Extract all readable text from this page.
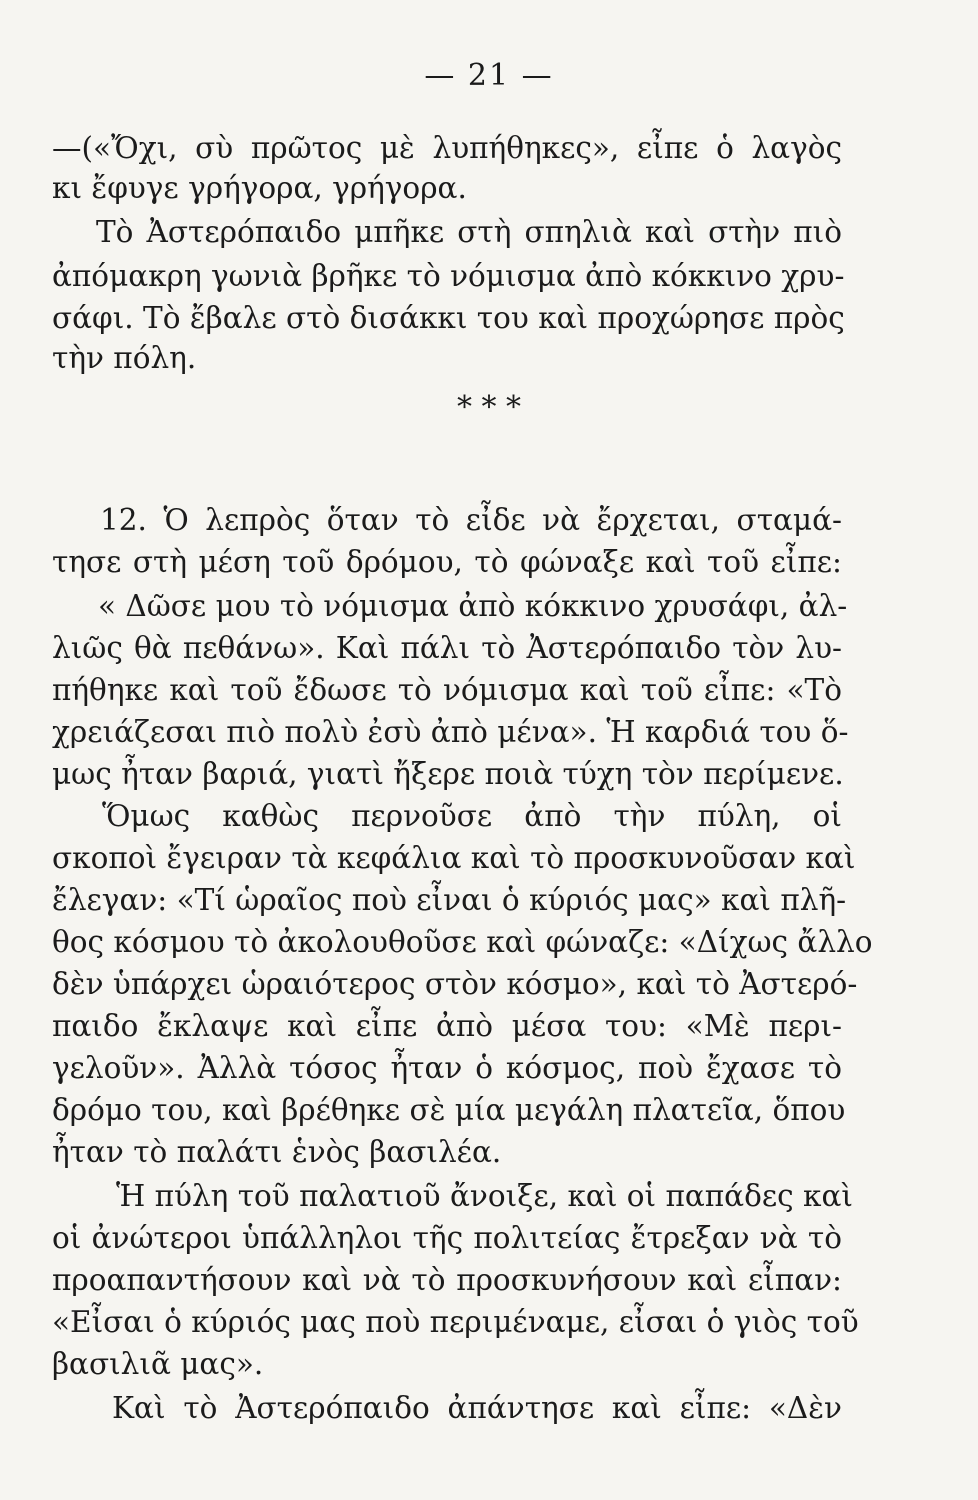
— 21 —
—(«Ὄχι, σὺ πρῶτος μὲ λυπήθηκες», εἶπε ὁ λαγὸς
κι ἔφυγε γρήγορα, γρήγορα.
Τὸ Ἀστερόπαιδο μπῆκε στὴ σπηλιὰ καὶ στὴν πιὸ
ἀπόμακρη γωνιὰ βρῆκε τὸ νόμισμα ἀπὸ κόκκινο χρυ-
σάφι. Τὸ ἔβαλε στὸ δισάκκι του καὶ προχώρησε πρὸς
τὴν πόλη.
* * *
12. Ὁ λεπρὸς ὅταν τὸ εἶδε νὰ ἔρχεται, σταμά-
τησε στὴ μέση τοῦ δρόμου, τὸ φώναξε καὶ τοῦ εἶπε:
« Δῶσε μου τὸ νόμισμα ἀπὸ κόκκινο χρυσάφι, ἀλ-
λιῶς θὰ πεθάνω». Καὶ πάλι τὸ Ἀστερόπαιδο τὸν λυ-
πήθηκε καὶ τοῦ ἔδωσε τὸ νόμισμα καὶ τοῦ εἶπε: «Τὸ
χρειάζεσαι πιὸ πολὺ ἐσὺ ἀπὸ μένα». Ἡ καρδιά του ὅ-
μως ἦταν βαριά, γιατὶ ἤξερε ποιὰ τύχη τὸν περίμενε.
Ὅμως καθὼς περνοῦσε ἀπὸ τὴν πύλη, οἱ
σκοποὶ ἔγειραν τὰ κεφάλια καὶ τὸ προσκυνοῦσαν καὶ
ἔλεγαν: «Τί ὡραῖος ποὺ εἶναι ὁ κύριός μας» καὶ πλῆ-
θος κόσμου τὸ ἀκολουθοῦσε καὶ φώναζε: «Δίχως ἄλλο
δὲν ὑπάρχει ὡραιότερος στὸν κόσμο», καὶ τὸ Ἀστερό-
παιδο ἔκλαψε καὶ εἶπε ἀπὸ μέσα του: «Μὲ περι-
γελοῦν». Ἀλλὰ τόσος ἦταν ὁ κόσμος, ποὺ ἔχασε τὸ
δρόμο του, καὶ βρέθηκε σὲ μία μεγάλη πλατεῖα, ὅπου
ἦταν τὸ παλάτι ἑνὸς βασιλέα.
Ἡ πύλη τοῦ παλατιοῦ ἄνοιξε, καὶ οἱ παπάδες καὶ
οἱ ἀνώτεροι ὑπάλληλοι τῆς πολιτείας ἔτρεξαν νὰ τὸ
προαπαντήσουν καὶ νὰ τὸ προσκυνήσουν καὶ εἶπαν:
«Εἶσαι ὁ κύριός μας ποὺ περιμέναμε, εἶσαι ὁ γιὸς τοῦ
βασιλιᾶ μας».
Καὶ τὸ Ἀστερόπαιδο ἀπάντησε καὶ εἶπε: «Δὲν
